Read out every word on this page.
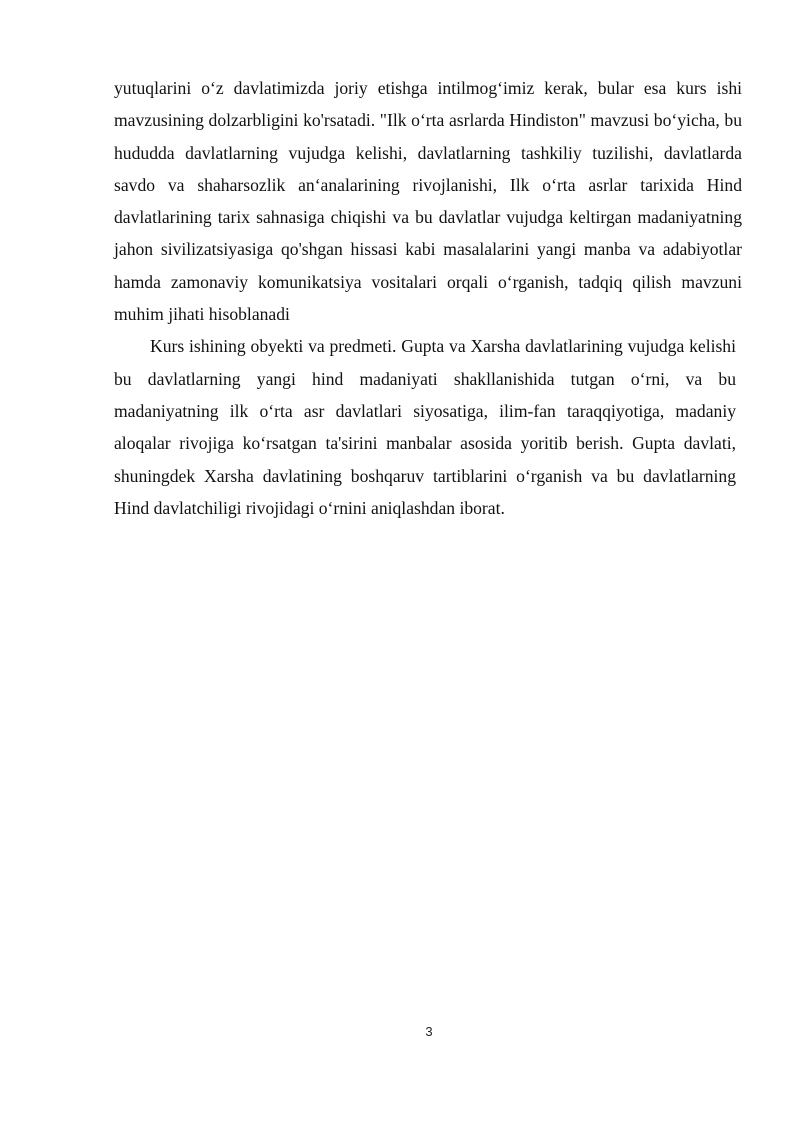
yutuqlarini o‘z davlatimizda joriy etishga intilmog‘imiz kerak, bular esa kurs ishi mavzusining dolzarbligini ko'rsatadi. "Ilk o‘rta asrlarda Hindiston" mavzusi bo‘yicha, bu hududda davlatlarning vujudga kelishi, davlatlarning tashkiliy tuzilishi, davlatlarda savdo va shaharsozlik an‘analarining rivojlanishi, Ilk o‘rta asrlar tarixida Hind davlatlarining tarix sahnasiga chiqishi va bu davlatlar vujudga keltirgan madaniyatning jahon sivilizatsiyasiga qo'shgan hissasi kabi masalalarini yangi manba va adabiyotlar hamda zamonaviy komunikatsiya vositalari orqali o‘rganish, tadqiq qilish mavzuni muhim jihati hisoblanadi

Kurs ishining obyekti va predmeti. Gupta va Xarsha davlatlarining vujudga kelishi bu davlatlarning yangi hind madaniyati shakllanishida tutgan o‘rni, va bu madaniyatning ilk o‘rta asr davlatlari siyosatiga, ilim-fan taraqqiyotiga, madaniy aloqalar rivojiga ko‘rsatgan ta'sirini manbalar asosida yoritib berish. Gupta davlati, shuningdek Xarsha davlatining boshqaruv tartiblarini o‘rganish va bu davlatlarning Hind davlatchiligi rivojidagi o‘rnini aniqlashdan iborat.

3
